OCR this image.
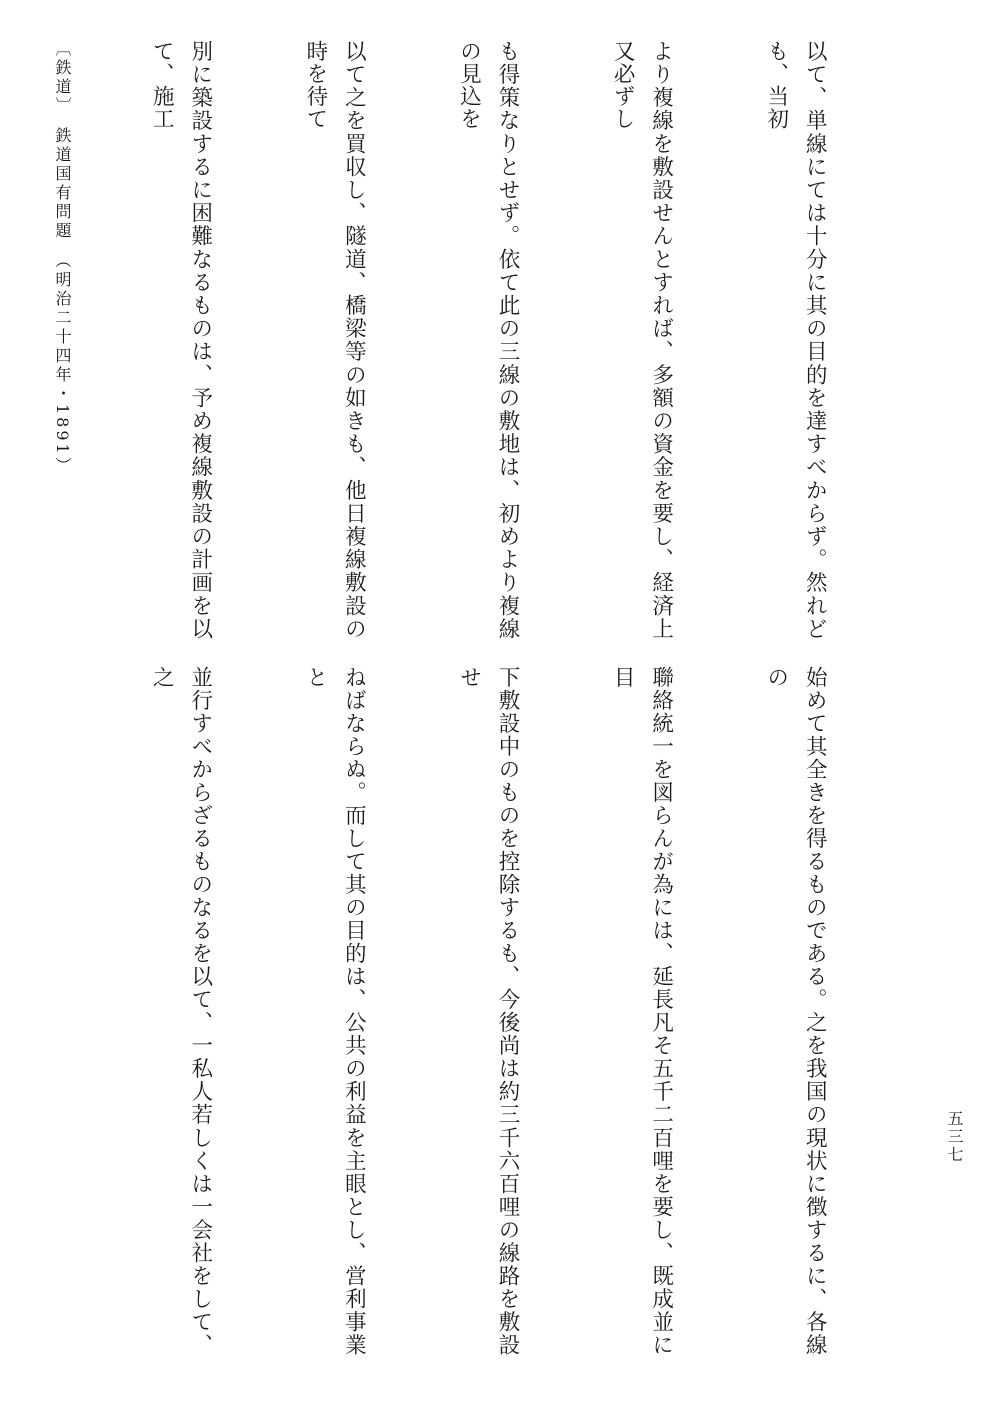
〔鉄道〕　鉄道国有問題　（明治二十四年・1891）

	以て、単線にては十分に其の目的を達すべからず。然れども、当初

より複線を敷設せんとすれば、多額の資金を要し、経済上又必ずし

も得策なりとせず。依て此の三線の敷地は、初めより複線の見込を

以て之を買収し、隧道、橋梁等の如きも、他日複線敷設の時を待て

別に築設するに困難なるものは、予め複線敷設の計画を以て、施工

始めて其全きを得るものである。之を我国の現状に徴するに、各線の

聯絡統一を図らんが為には、延長凡そ五千二百哩を要し、既成並に目

下敷設中のものを控除するも、今後尚は約三千六百哩の線路を敷設せ

ねばならぬ。而して其の目的は、公共の利益を主眼とし、営利事業と

並行すべからざるものなるを以て、一私人若しくは一会社をして、之

五三七
